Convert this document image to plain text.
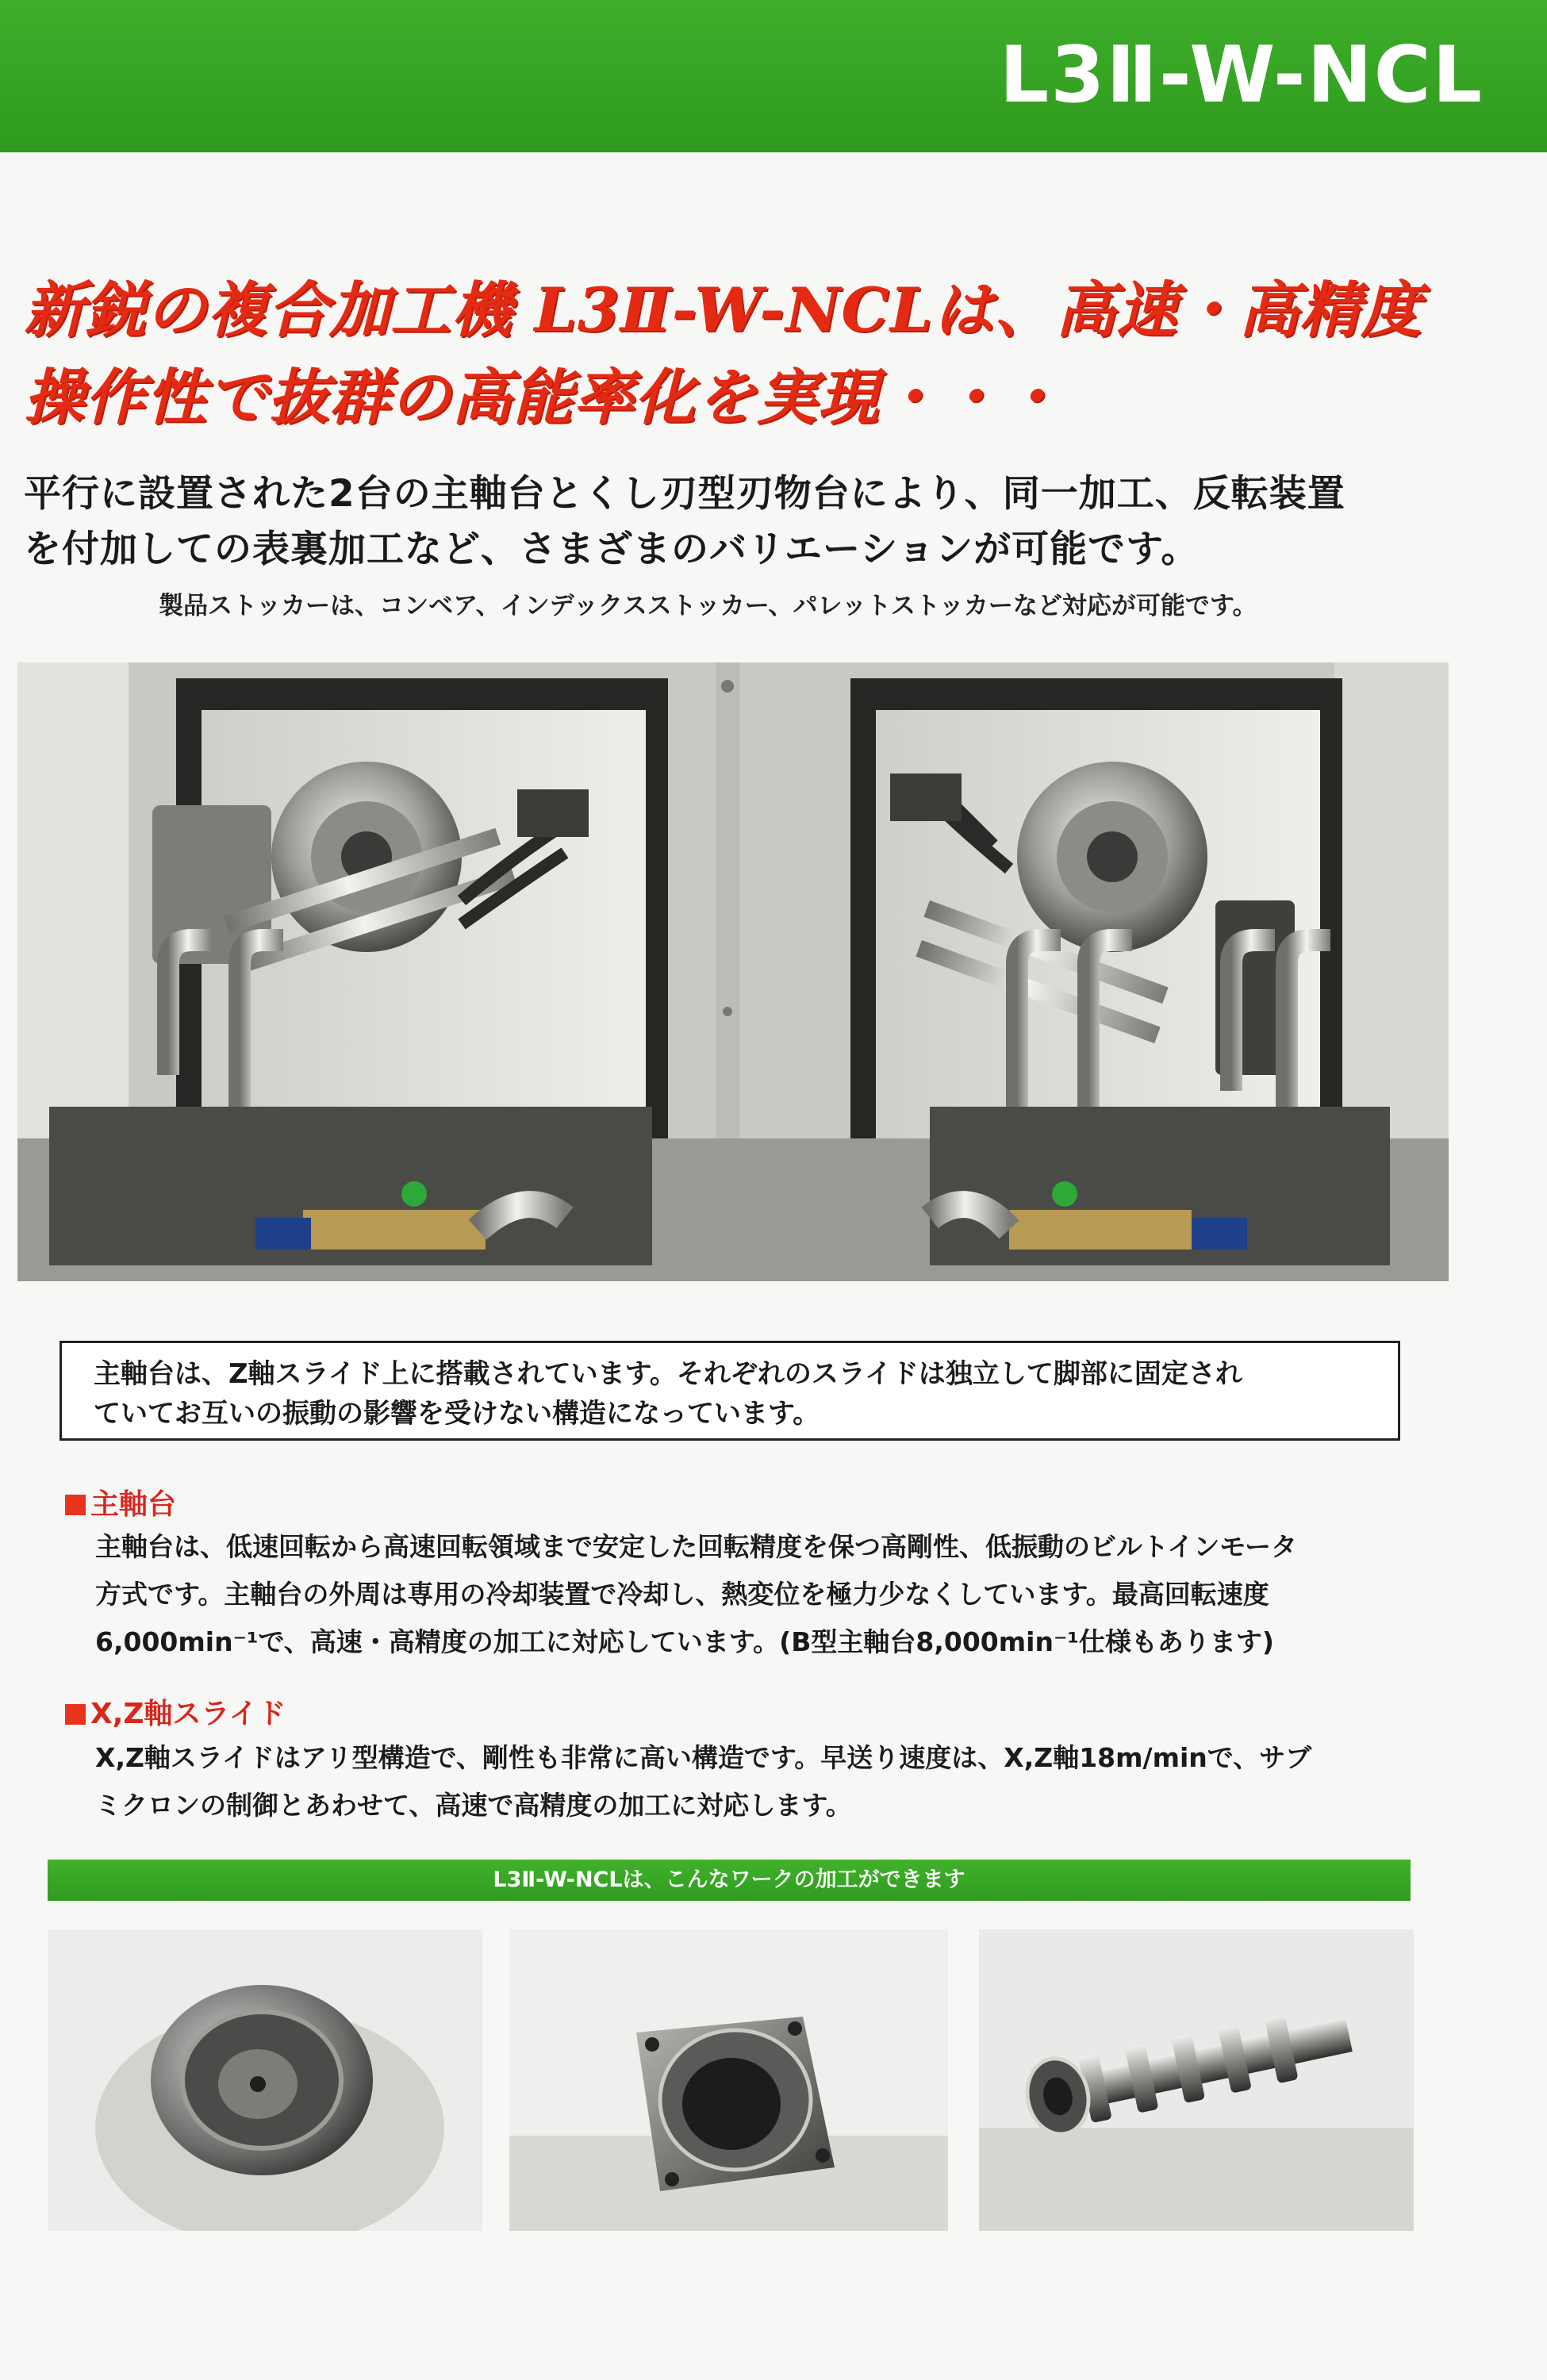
L3Ⅱ-W-NCL
新鋭の複合加工機 L3Ⅱ-W-NCLは、高速・高精度
操作性で抜群の高能率化を実現・・・
平行に設置された2台の主軸台とくし刃型刃物台により、同一加工、反転装置
を付加しての表裏加工など、さまざまのバリエーションが可能です。
製品ストッカーは、コンベア、インデックスストッカー、パレットストッカーなど対応が可能です。

主軸台は、Z軸スライド上に搭載されています。それぞれのスライドは独立して脚部に固定され

ていてお互いの振動の影響を受けない構造になっています。

主軸台

主軸台は、低速回転から高速回転領域まで安定した回転精度を保つ高剛性、低振動のビルトインモータ

方式です。主軸台の外周は専用の冷却装置で冷却し、熱変位を極力少なくしています。最高回転速度

6,000min⁻¹で、高速・高精度の加工に対応しています。(B型主軸台8,000min⁻¹仕様もあります)

X,Z軸スライド

X,Z軸スライドはアリ型構造で、剛性も非常に高い構造です。早送り速度は、X,Z軸18m/minで、サブ

ミクロンの制御とあわせて、高速で高精度の加工に対応します。

L3Ⅱ-W-NCLは、こんなワークの加工ができます
